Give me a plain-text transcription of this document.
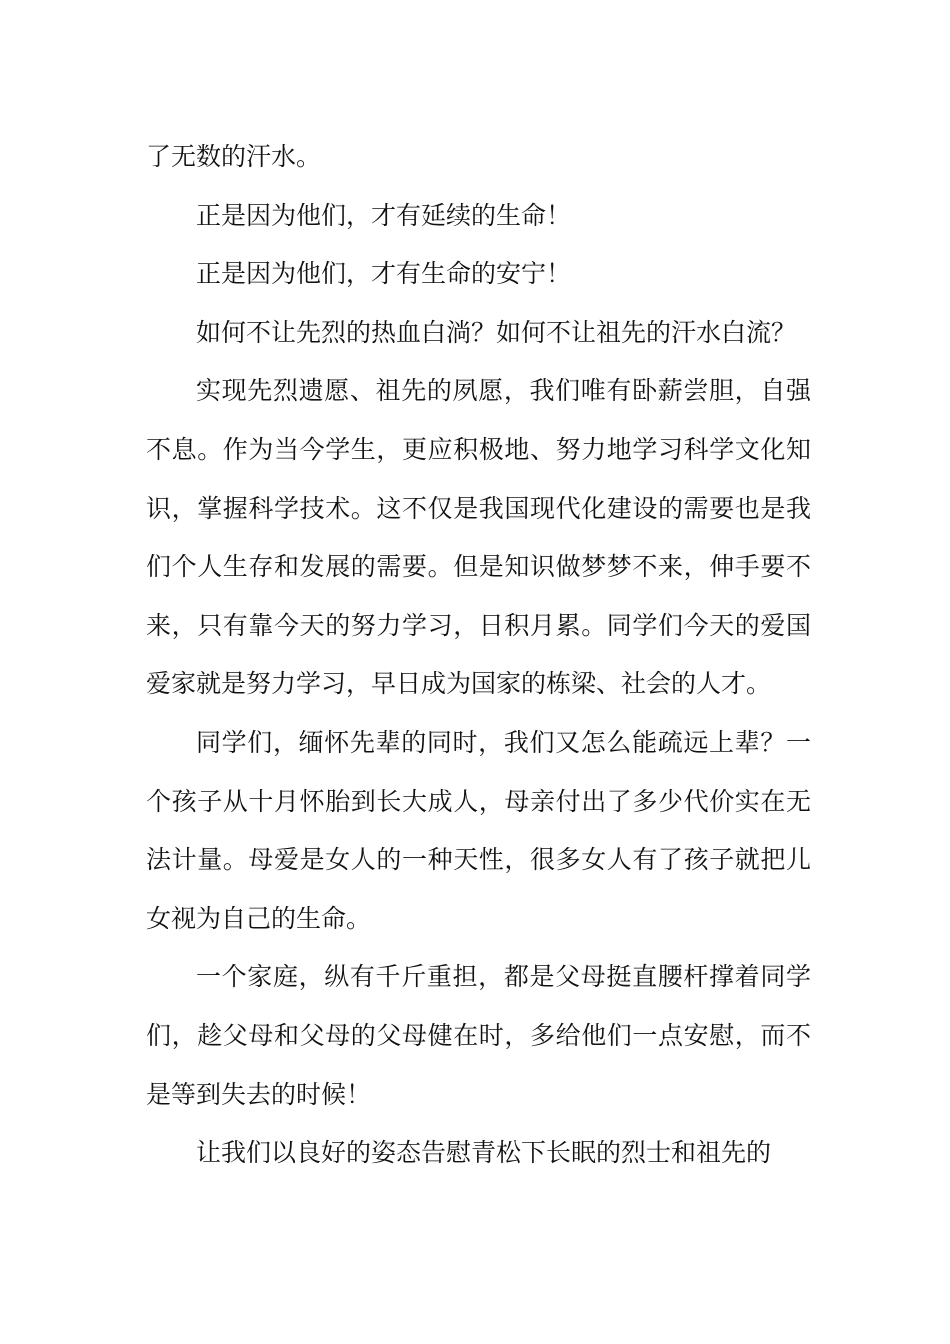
了无数的汗水。

正是因为他们，才有延续的生命！

正是因为他们，才有生命的安宁！

如何不让先烈的热血白淌？如何不让祖先的汗水白流？

实现先烈遗愿、祖先的夙愿，我们唯有卧薪尝胆，自强不息。作为当今学生，更应积极地、努力地学习科学文化知识，掌握科学技术。这不仅是我国现代化建设的需要也是我们个人生存和发展的需要。但是知识做梦梦不来，伸手要不来，只有靠今天的努力学习，日积月累。同学们今天的爱国爱家就是努力学习，早日成为国家的栋梁、社会的人才。

同学们，缅怀先辈的同时，我们又怎么能疏远上辈？一个孩子从十月怀胎到长大成人，母亲付出了多少代价实在无法计量。母爱是女人的一种天性，很多女人有了孩子就把儿女视为自己的生命。

一个家庭，纵有千斤重担，都是父母挺直腰杆撑着同学们，趁父母和父母的父母健在时，多给他们一点安慰，而不是等到失去的时候！

让我们以良好的姿态告慰青松下长眠的烈士和祖先的
